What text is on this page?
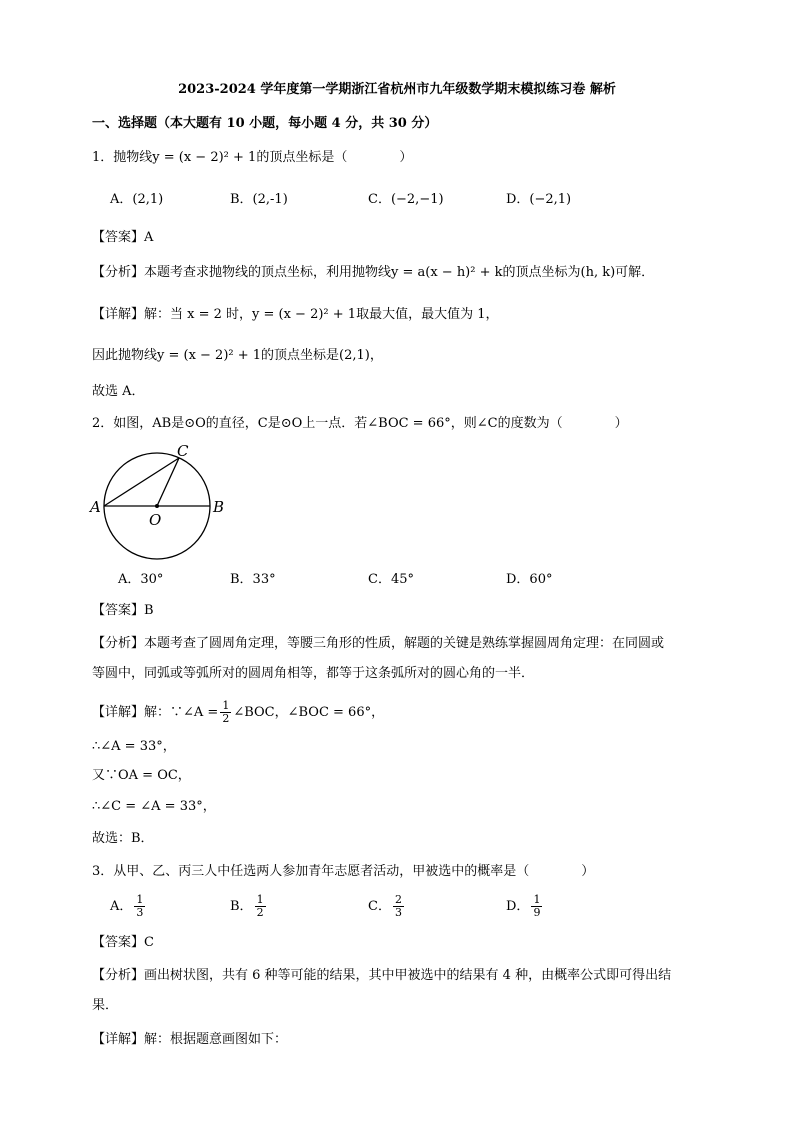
2023-2024 学年度第一学期浙江省杭州市九年级数学期末模拟练习卷 解析
一、选择题（本大题有 10 小题，每小题 4 分，共 30 分）
1．抛物线y = (x − 2)² + 1的顶点坐标是（　　　　）
A．(2,1)	B．(2,-1)	C．(−2,−1)	D．(−2,1)
【答案】A
【分析】本题考查求抛物线的顶点坐标，利用抛物线y = a(x − h)² + k的顶点坐标为(h, k)可解．
【详解】解：当 x = 2 时，y = (x − 2)² + 1取最大值，最大值为 1，
因此抛物线y = (x − 2)² + 1的顶点坐标是(2,1)，
故选 A．
2．如图，AB是⊙O的直径，C是⊙O上一点．若∠BOC = 66°，则∠C的度数为（　　　　）
A	B
C
O
A．30°	B．33°	C．45°	D．60°
【答案】B
【分析】本题考查了圆周角定理，等腰三角形的性质，解题的关键是熟练掌握圆周角定理：在同圆或
等圆中，同弧或等弧所对的圆周角相等，都等于这条弧所对的圆心角的一半．
【详解】解：∵∠A = $\frac{1}{2}$ ∠BOC，∠BOC = 66°，
∴∠A = 33°，
又∵OA = OC，
∴∠C = ∠A = 33°，
故选：B．
3．从甲、乙、丙三人中任选两人参加青年志愿者活动，甲被选中的概率是（　　　　）
A． $\frac{1}{3}$	B． $\frac{1}{2}$	C． $\frac{2}{3}$	D． $\frac{1}{9}$
【答案】C
【分析】画出树状图，共有 6 种等可能的结果，其中甲被选中的结果有 4 种，由概率公式即可得出结
果．
【详解】解：根据题意画图如下：
